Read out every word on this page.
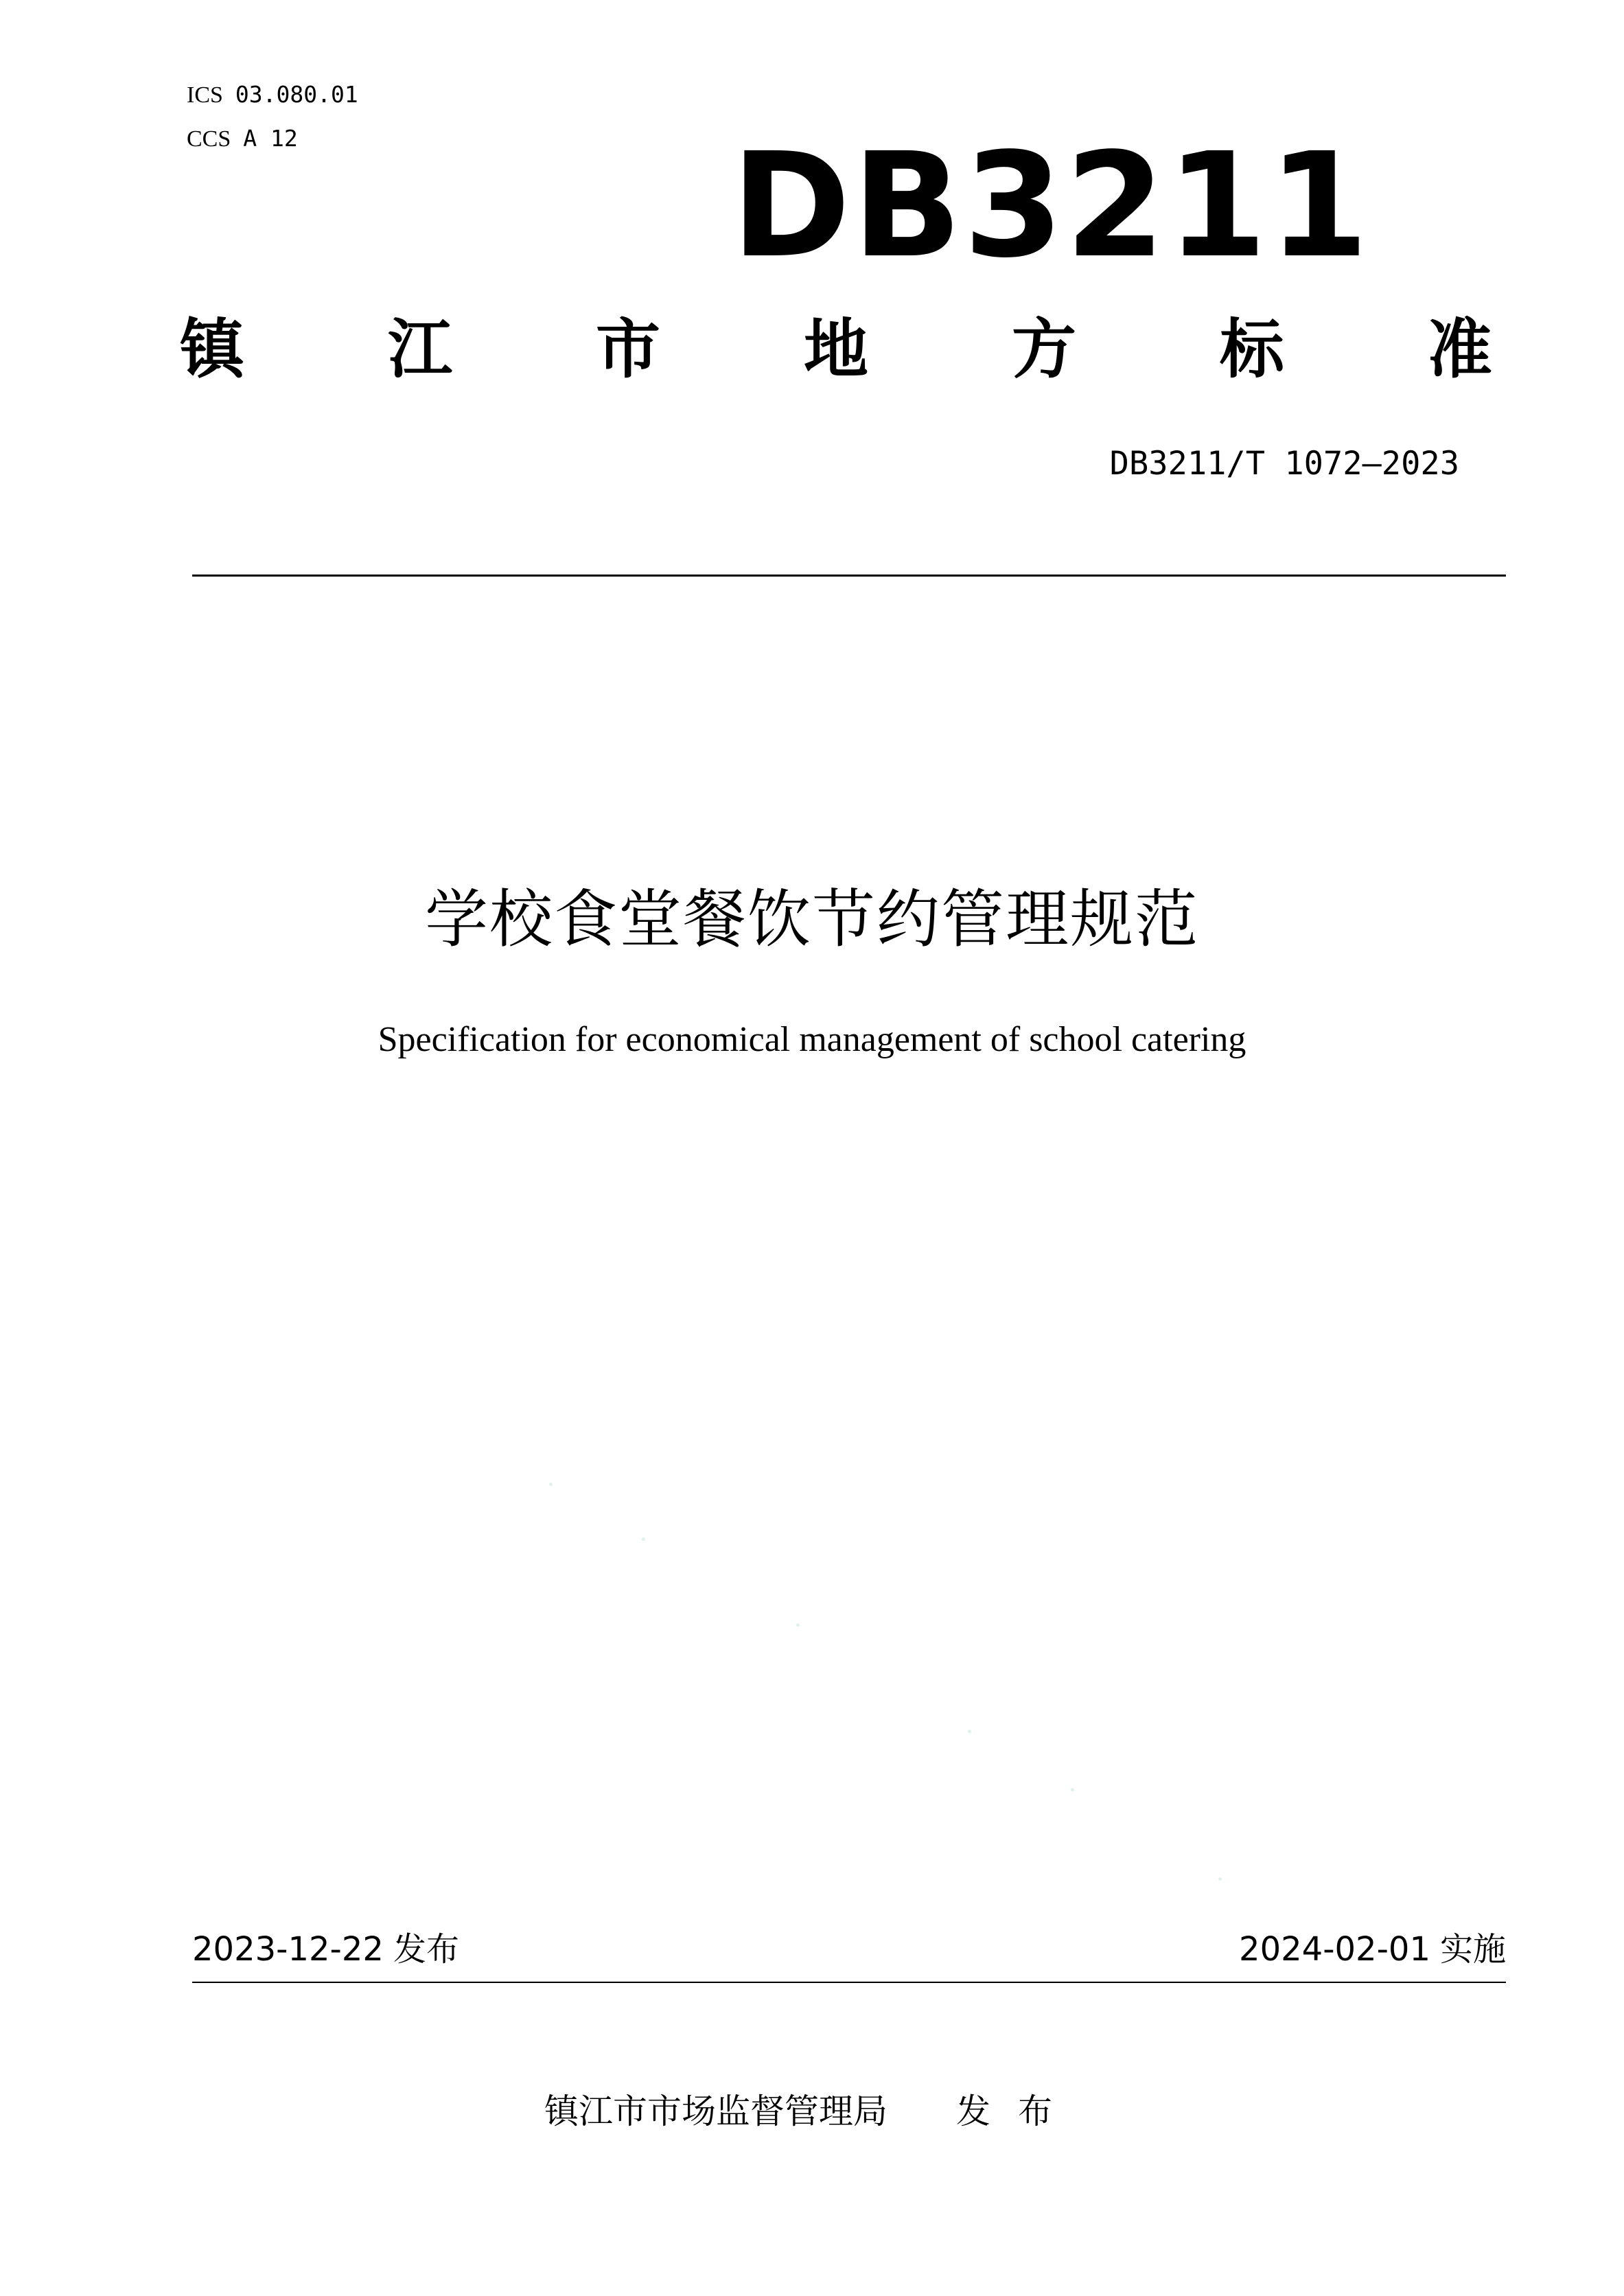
ICS 03.080.01
CCS A 12	DB3211
镇 江 市 地 方 标 准
DB3211/T 1072—2023
学校食堂餐饮节约管理规范
Specification for economical management of school catering
2023-12-22 发布	2024-02-01 实施
镇江市市场监督管理局 发布
